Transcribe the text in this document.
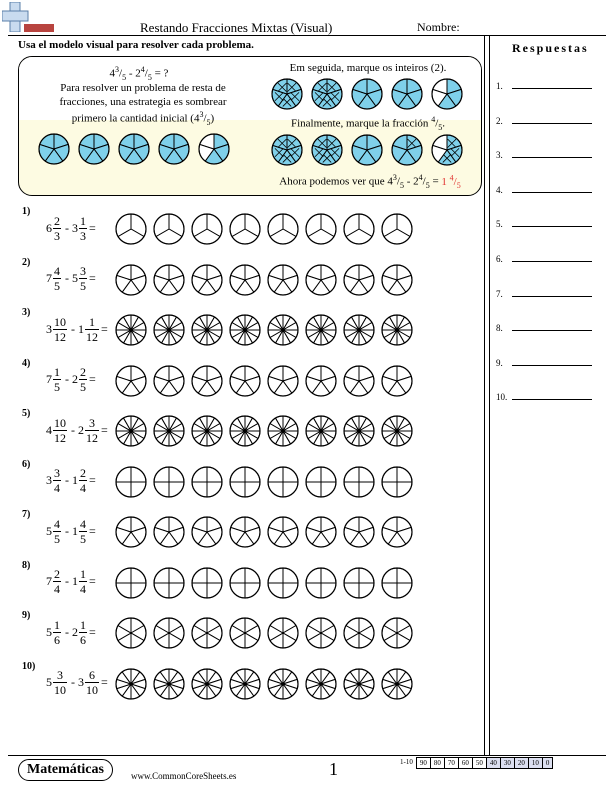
Restando Fracciones Mixtas (Visual)	Nombre:
Usa el modelo visual para resolver cada problema.	Respuestas
1.
2.
3.
4.
5.
6.
7.
8.
9.
10.
$4^3/_5 - 2^4/_5$ = ?
Para resolver un problema de resta de
fracciones, una estrategia es sombrear
primero la cantidad inicial $(4^3/_5)$
Em seguida, marque os inteiros (2).
Finalmente, marque la fracción $^4/_5$.
Ahora podemos ver que $4^3/_5 - 2^4/_5 = 1$ $^4/_5$
1)
$6 \frac{2}{3} - 3 \frac{1}{3}$ =
2)
$7 \frac{4}{5} - 5 \frac{3}{5}$ =
3)
$3 \frac{10}{12} - 1 \frac{1}{12}$ =
4)
$7 \frac{1}{5} - 2 \frac{2}{5}$ =
5)
$4 \frac{10}{12} - 2 \frac{3}{12}$ =
6)
$3 \frac{3}{4} - 1 \frac{2}{4}$ =
7)
$5 \frac{4}{5} - 1 \frac{4}{5}$ =
8)
$7 \frac{2}{4} - 1 \frac{1}{4}$ =
9)
$5 \frac{1}{6} - 2 \frac{1}{6}$ =
10)
$5 \frac{3}{10} - 3 \frac{6}{10}$ =
Matemáticas	www.CommonCoreSheets.es	1	1-10	90	80	70	60	50	40	30	20	10	0
